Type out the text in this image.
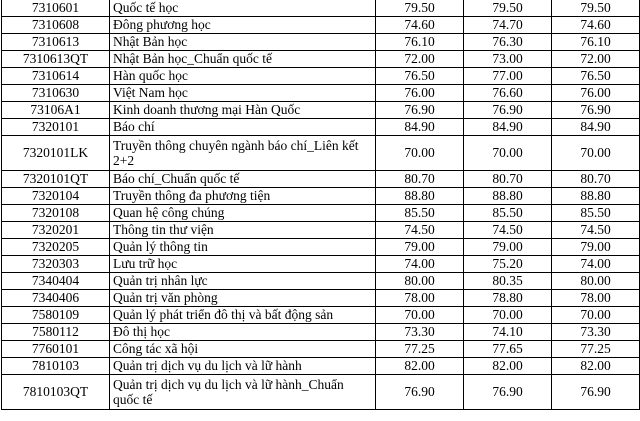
7310601	Quốc tế học	79.50	79.50	79.50
7310608	Đông phương học	74.60	74.70	74.60
7310613	Nhật Bản học	76.10	76.30	76.10
7310613QT	Nhật Bản học_Chuẩn quốc tế	72.00	73.00	72.00
7310614	Hàn quốc học	76.50	77.00	76.50
7310630	Việt Nam học	76.00	76.60	76.00
73106A1	Kinh doanh thương mại Hàn Quốc	76.90	76.90	76.90
7320101	Báo chí	84.90	84.90	84.90
7320101LK	Truyền thông chuyên ngành báo chí_Liên kết 2+2	70.00	70.00	70.00
7320101QT	Báo chí_Chuẩn quốc tế	80.70	80.70	80.70
7320104	Truyền thông đa phương tiện	88.80	88.80	88.80
7320108	Quan hệ công chúng	85.50	85.50	85.50
7320201	Thông tin thư viện	74.50	74.50	74.50
7320205	Quản lý thông tin	79.00	79.00	79.00
7320303	Lưu trữ học	74.00	75.20	74.00
7340404	Quản trị nhân lực	80.00	80.35	80.00
7340406	Quản trị văn phòng	78.00	78.80	78.00
7580109	Quản lý phát triển đô thị và bất động sản	70.00	70.00	70.00
7580112	Đô thị học	73.30	74.10	73.30
7760101	Công tác xã hội	77.25	77.65	77.25
7810103	Quản trị dịch vụ du lịch và lữ hành	82.00	82.00	82.00
7810103QT	Quản trị dịch vụ du lịch và lữ hành_Chuẩn quốc tế	76.90	76.90	76.90
